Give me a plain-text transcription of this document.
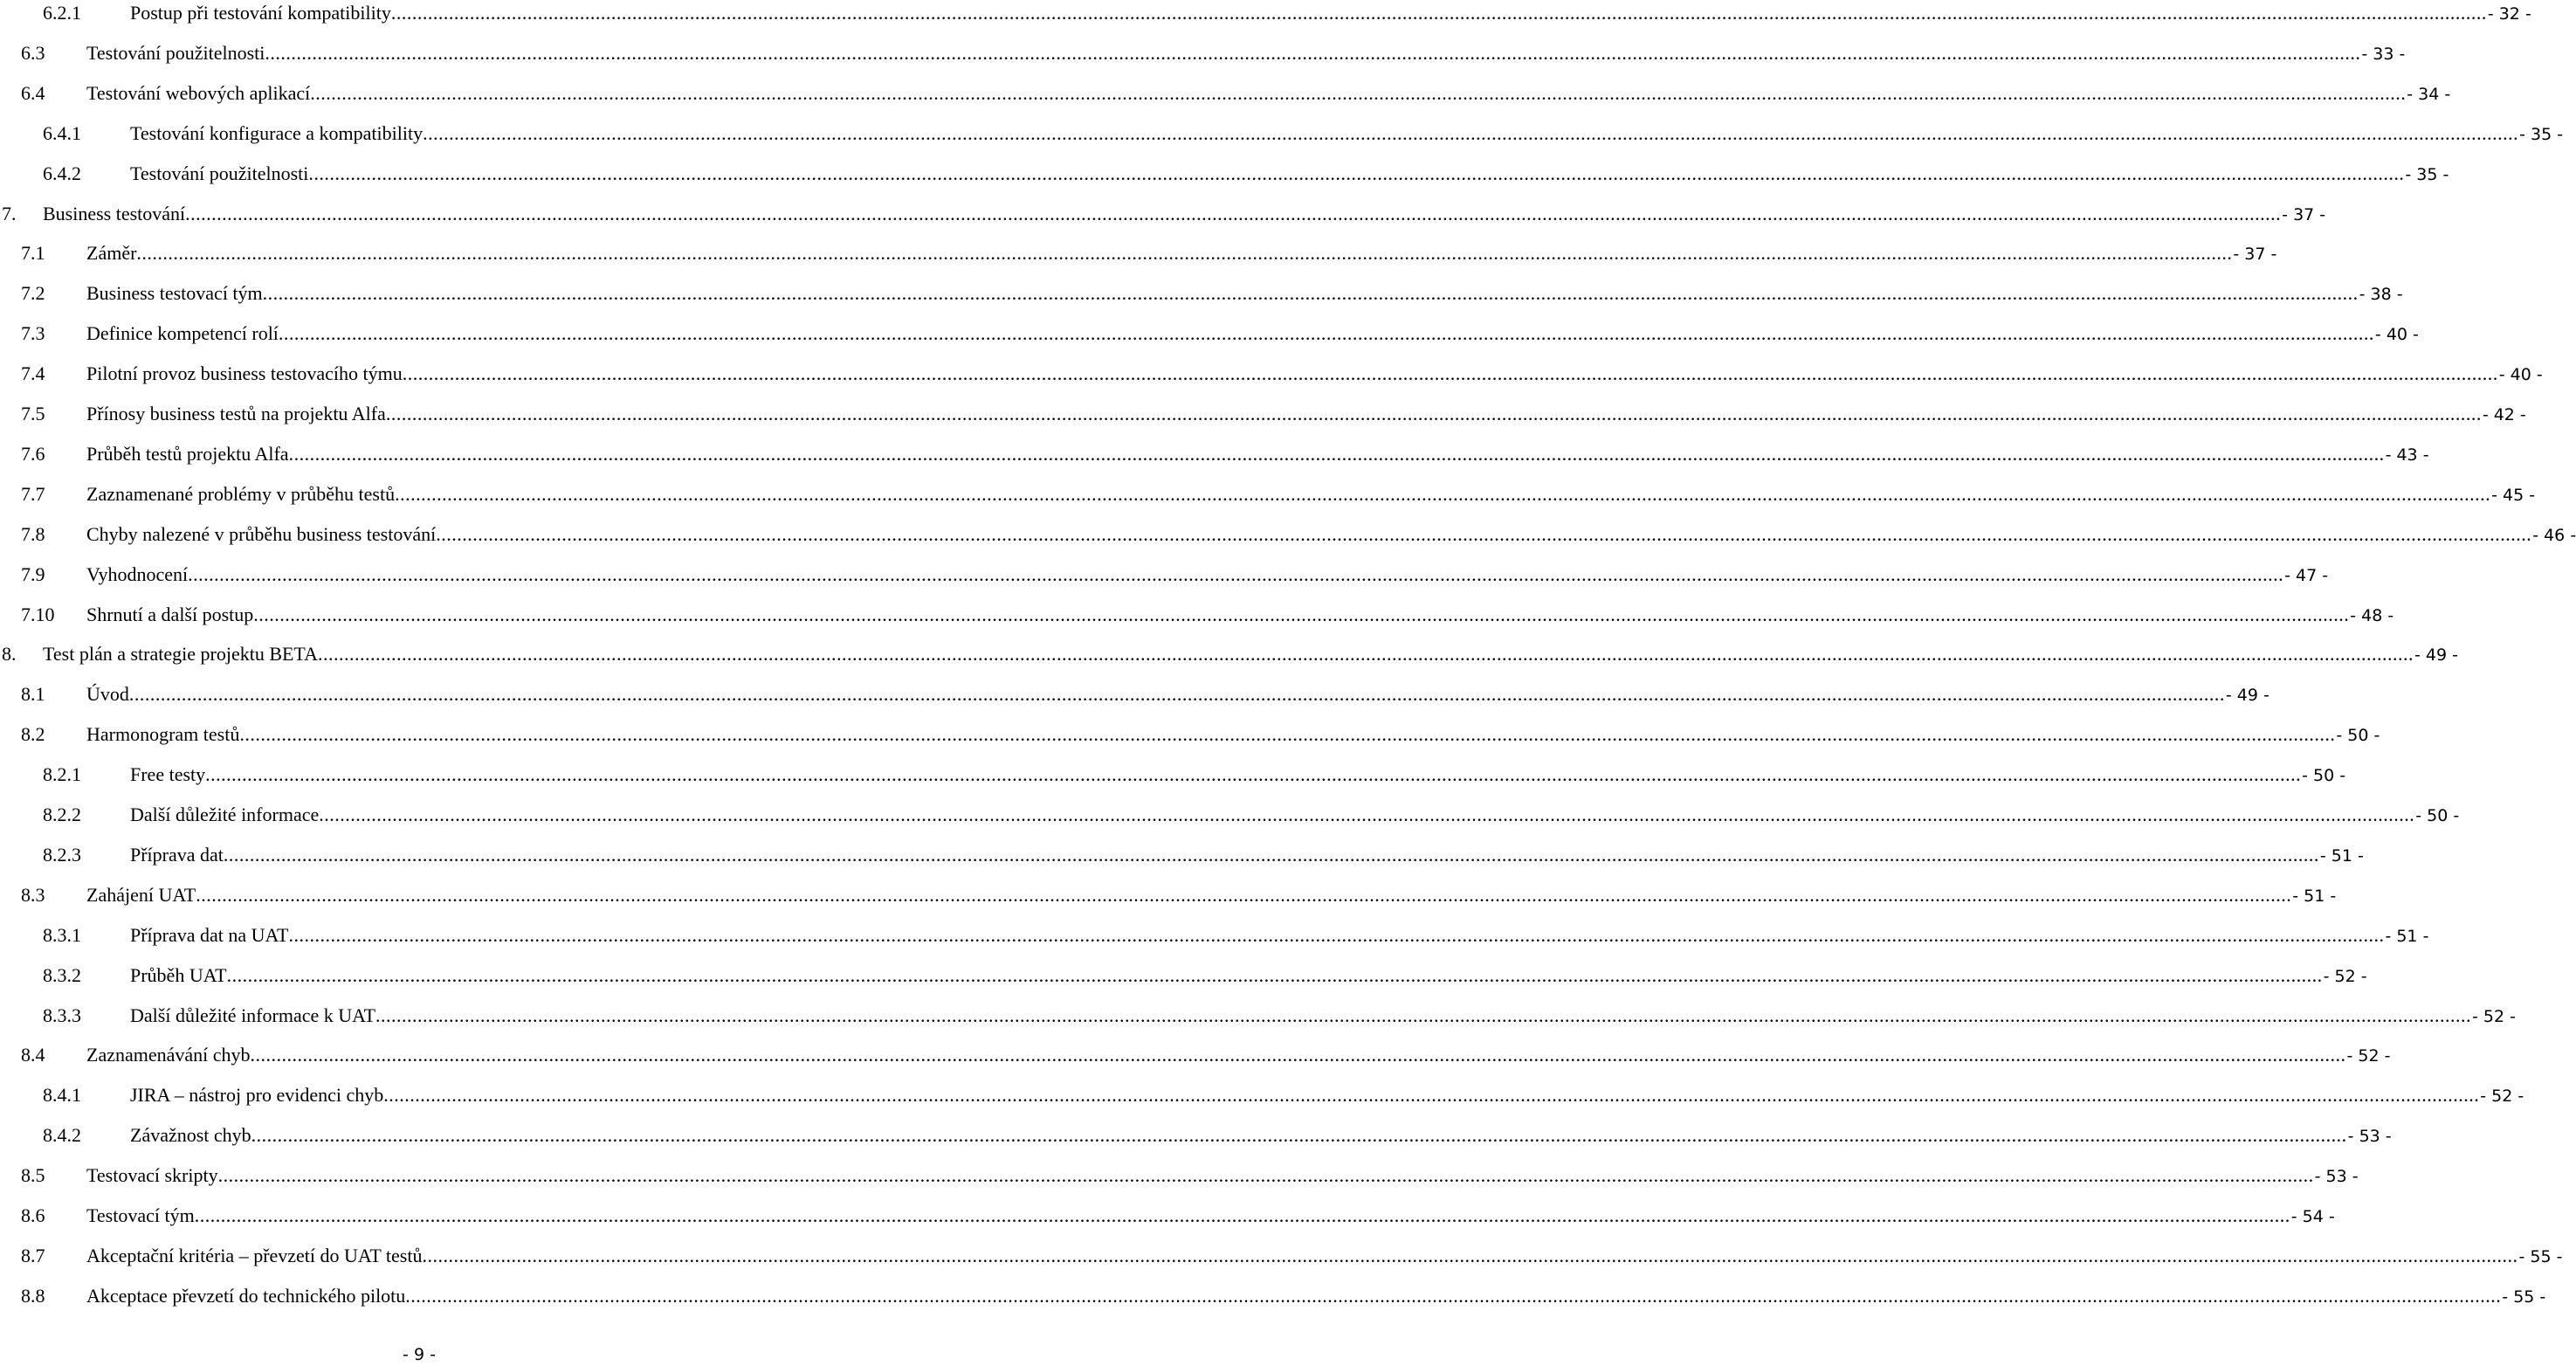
6.2.1	Postup při testování kompatibility ................................................................................................................................................................................................................................................................................................................................................................................................................ - 32 -
6.3 Testování použitelnosti ................................................................................................................................................................................................................................................................................................................................................................................................................ - 33 -
6.4 Testování webových aplikací ................................................................................................................................................................................................................................................................................................................................................................................................................ - 34 -
6.4.1	Testování konfigurace a kompatibility ................................................................................................................................................................................................................................................................................................................................................................................................................ - 35 -
6.4.2	Testování použitelnosti ................................................................................................................................................................................................................................................................................................................................................................................................................ - 35 -
7. Business testování ................................................................................................................................................................................................................................................................................................................................................................................................................ - 37 -
7.1 Záměr ................................................................................................................................................................................................................................................................................................................................................................................................................ - 37 -
7.2 Business testovací tým ................................................................................................................................................................................................................................................................................................................................................................................................................ - 38 -
7.3 Definice kompetencí rolí ................................................................................................................................................................................................................................................................................................................................................................................................................ - 40 -
7.4 Pilotní provoz business testovacího týmu ................................................................................................................................................................................................................................................................................................................................................................................................................ - 40 -
7.5 Přínosy business testů na projektu Alfa ................................................................................................................................................................................................................................................................................................................................................................................................................ - 42 -
7.6 Průběh testů projektu Alfa ................................................................................................................................................................................................................................................................................................................................................................................................................ - 43 -
7.7 Zaznamenané problémy v průběhu testů ................................................................................................................................................................................................................................................................................................................................................................................................................ - 45 -
7.8 Chyby nalezené v průběhu business testování ................................................................................................................................................................................................................................................................................................................................................................................................................ - 46 -
7.9 Vyhodnocení ................................................................................................................................................................................................................................................................................................................................................................................................................ - 47 -
7.10 Shrnutí a další postup ................................................................................................................................................................................................................................................................................................................................................................................................................ - 48 -
8. Test plán a strategie projektu BETA ................................................................................................................................................................................................................................................................................................................................................................................................................ - 49 -
8.1 Úvod ................................................................................................................................................................................................................................................................................................................................................................................................................ - 49 -
8.2 Harmonogram testů ................................................................................................................................................................................................................................................................................................................................................................................................................ - 50 -
8.2.1	Free testy ................................................................................................................................................................................................................................................................................................................................................................................................................ - 50 -
8.2.2	Další důležité informace ................................................................................................................................................................................................................................................................................................................................................................................................................ - 50 -
8.2.3	Příprava dat ................................................................................................................................................................................................................................................................................................................................................................................................................ - 51 -
8.3 Zahájení UAT ................................................................................................................................................................................................................................................................................................................................................................................................................ - 51 -
8.3.1	Příprava dat na UAT ................................................................................................................................................................................................................................................................................................................................................................................................................ - 51 -
8.3.2	Průběh UAT ................................................................................................................................................................................................................................................................................................................................................................................................................ - 52 -
8.3.3	Další důležité informace k UAT ................................................................................................................................................................................................................................................................................................................................................................................................................ - 52 -
8.4 Zaznamenávání chyb ................................................................................................................................................................................................................................................................................................................................................................................................................ - 52 -
8.4.1	JIRA – nástroj pro evidenci chyb ................................................................................................................................................................................................................................................................................................................................................................................................................ - 52 -
8.4.2	Závažnost chyb ................................................................................................................................................................................................................................................................................................................................................................................................................ - 53 -
8.5 Testovací skripty ................................................................................................................................................................................................................................................................................................................................................................................................................ - 53 -
8.6 Testovací tým ................................................................................................................................................................................................................................................................................................................................................................................................................ - 54 -
8.7 Akceptační kritéria – převzetí do UAT testů ................................................................................................................................................................................................................................................................................................................................................................................................................ - 55 -
8.8 Akceptace převzetí do technického pilotu ................................................................................................................................................................................................................................................................................................................................................................................................................ - 55 -
- 9 -
